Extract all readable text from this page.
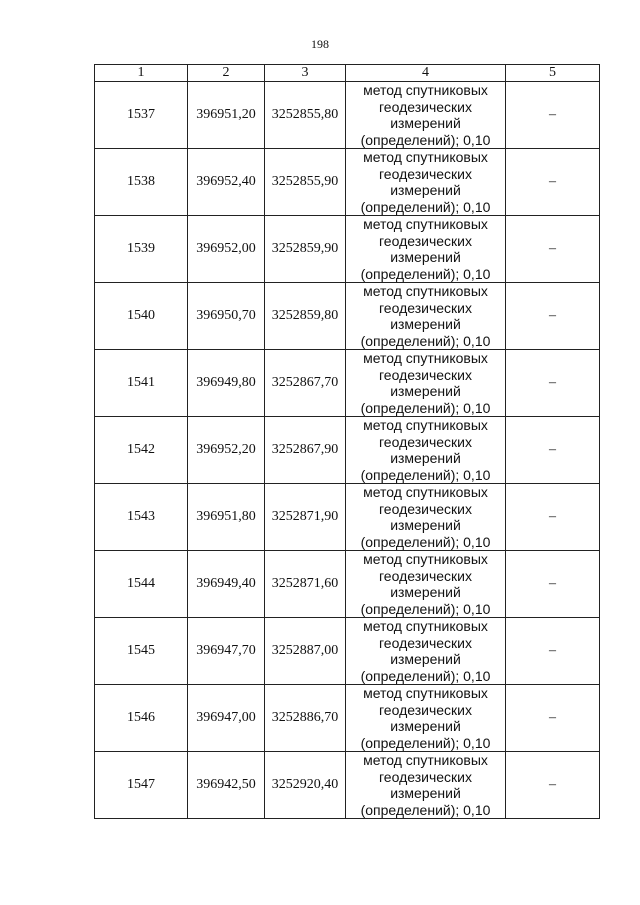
198
1	2	3	4	5
1537	396951,20	3252855,80	метод спутниковых
геодезических
измерений
(определений); 0,10	–
1538	396952,40	3252855,90	метод спутниковых
геодезических
измерений
(определений); 0,10	–
1539	396952,00	3252859,90	метод спутниковых
геодезических
измерений
(определений); 0,10	–
1540	396950,70	3252859,80	метод спутниковых
геодезических
измерений
(определений); 0,10	–
1541	396949,80	3252867,70	метод спутниковых
геодезических
измерений
(определений); 0,10	–
1542	396952,20	3252867,90	метод спутниковых
геодезических
измерений
(определений); 0,10	–
1543	396951,80	3252871,90	метод спутниковых
геодезических
измерений
(определений); 0,10	–
1544	396949,40	3252871,60	метод спутниковых
геодезических
измерений
(определений); 0,10	–
1545	396947,70	3252887,00	метод спутниковых
геодезических
измерений
(определений); 0,10	–
1546	396947,00	3252886,70	метод спутниковых
геодезических
измерений
(определений); 0,10	–
1547	396942,50	3252920,40	метод спутниковых
геодезических
измерений
(определений); 0,10	–
